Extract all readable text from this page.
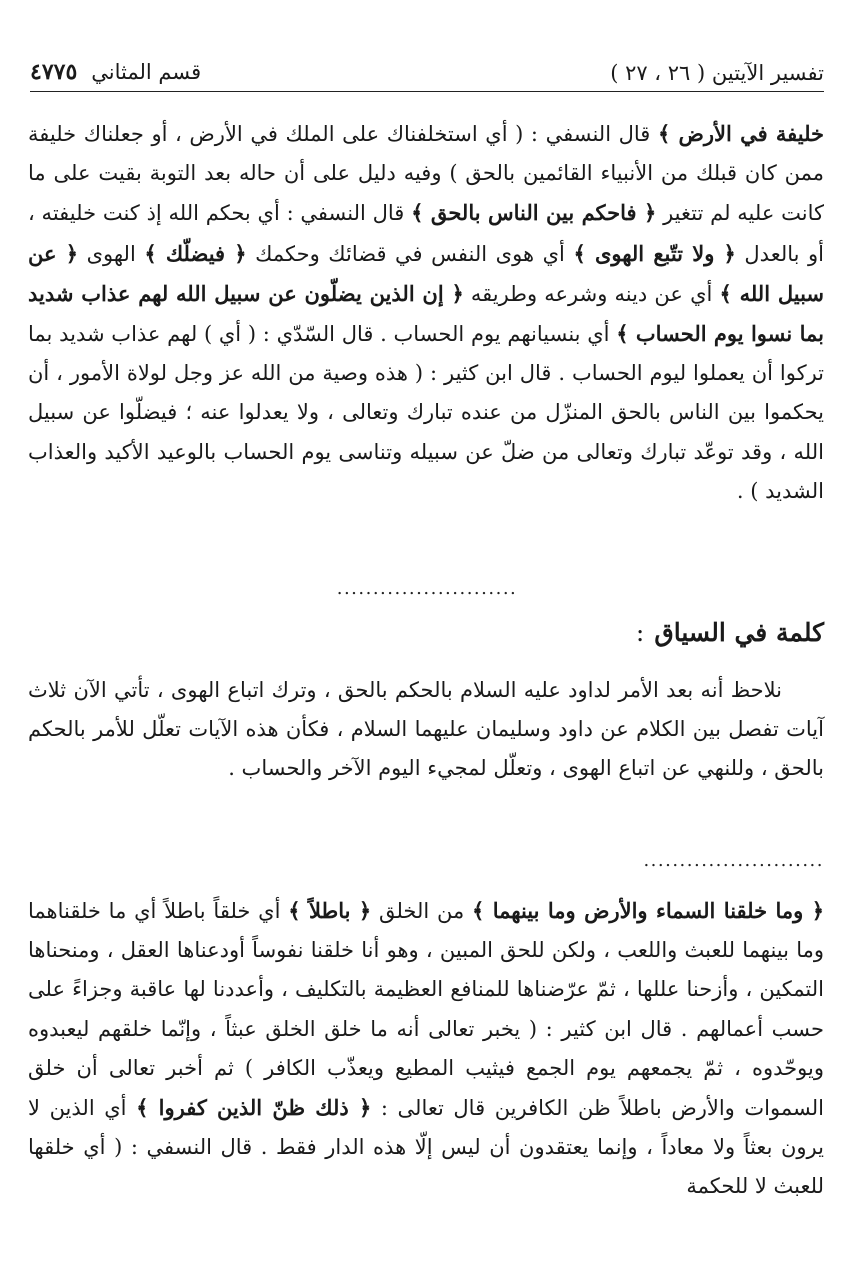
تفسير الآيتين ( ٢٦ ، ٢٧ )
قسم المثاني
٤٧٧٥

خليفة في الأرض ﴾ قال النسفي : ( أي استخلفناك على الملك في الأرض ، أو جعلناك خليفة ممن كان قبلك من الأنبياء القائمين بالحق ) وفيه دليل على أن حاله بعد التوبة بقيت على ما كانت عليه لم تتغير ﴿ فاحكم بين الناس بالحق ﴾ قال النسفي : أي بحكم الله إذ كنت خليفته ، أو بالعدل ﴿ ولا تتّبع الهوى ﴾ أي هوى النفس في قضائك وحكمك ﴿ فيضلّك ﴾ الهوى ﴿ عن سبيل الله ﴾ أي عن دينه وشرعه وطريقه ﴿ إن الذين يضلّون عن سبيل الله لهم عذاب شديد بما نسوا يوم الحساب ﴾ أي بنسيانهم يوم الحساب . قال السّدّي : ( أي ) لهم عذاب شديد بما تركوا أن يعملوا ليوم الحساب . قال ابن كثير : ( هذه وصية من الله عز وجل لولاة الأمور ، أن يحكموا بين الناس بالحق المنزّل من عنده تبارك وتعالى ، ولا يعدلوا عنه ؛ فيضلّوا عن سبيل الله ، وقد توعّد تبارك وتعالى من ضلّ عن سبيله وتناسى يوم الحساب بالوعيد الأكيد والعذاب الشديد ) .

.........................
كلمة في السياق:

نلاحظ أنه بعد الأمر لداود عليه السلام بالحكم بالحق ، وترك اتباع الهوى ، تأتي الآن ثلاث آيات تفصل بين الكلام عن داود وسليمان عليهما السلام ، فكأن هذه الآيات تعلّل للأمر بالحكم بالحق ، وللنهي عن اتباع الهوى ، وتعلّل لمجيء اليوم الآخر والحساب .

.........................

﴿ وما خلقنا السماء والأرض وما بينهما ﴾ من الخلق ﴿ باطلاً ﴾ أي خلقاً باطلاً أي ما خلقناهما وما بينهما للعبث واللعب ، ولكن للحق المبين ، وهو أنا خلقنا نفوساً أودعناها العقل ، ومنحناها التمكين ، وأزحنا عللها ، ثمّ عرّضناها للمنافع العظيمة بالتكليف ، وأعددنا لها عاقبة وجزاءً على حسب أعمالهم . قال ابن كثير : ( يخبر تعالى أنه ما خلق الخلق عبثاً ، وإنّما خلقهم ليعبدوه ويوحّدوه ، ثمّ يجمعهم يوم الجمع فيثيب المطيع ويعذّب الكافر ) ثم أخبر تعالى أن خلق السموات والأرض باطلاً ظن الكافرين قال تعالى : ﴿ ذلك ظنّ الذين كفروا ﴾ أي الذين لا يرون بعثاً ولا معاداً ، وإنما يعتقدون أن ليس إلّا هذه الدار فقط . قال النسفي : ( أي خلقها للعبث لا للحكمة
